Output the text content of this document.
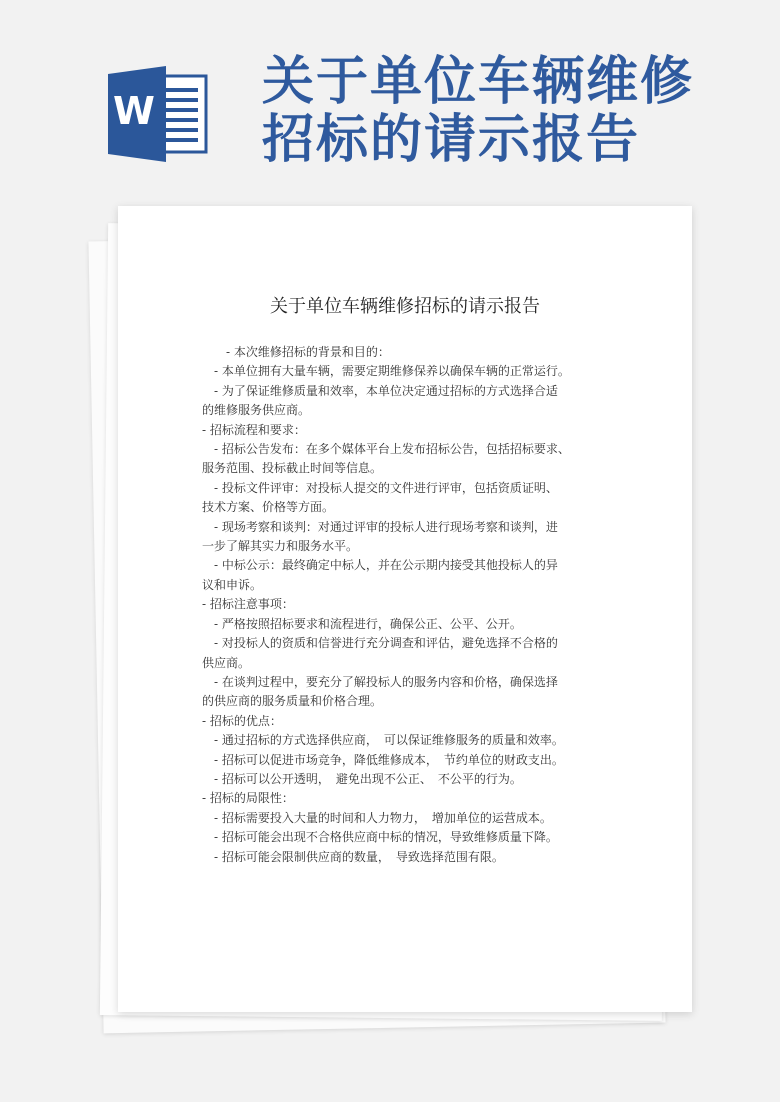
W 关于单位车辆维修
招标的请示报告
关于单位车辆维修招标的请示报告
　　- 本次维修招标的背景和目的：
　- 本单位拥有大量车辆，需要定期维修保养以确保车辆的正常运行。
　- 为了保证维修质量和效率，本单位决定通过招标的方式选择合适
的维修服务供应商。
- 招标流程和要求：
　- 招标公告发布：在多个媒体平台上发布招标公告，包括招标要求、
服务范围、投标截止时间等信息。
　- 投标文件评审：对投标人提交的文件进行评审，包括资质证明、
技术方案、价格等方面。
　- 现场考察和谈判：对通过评审的投标人进行现场考察和谈判，进
一步了解其实力和服务水平。
　- 中标公示：最终确定中标人，并在公示期内接受其他投标人的异
议和申诉。
- 招标注意事项：
　- 严格按照招标要求和流程进行，确保公正、公平、公开。
　- 对投标人的资质和信誉进行充分调查和评估，避免选择不合格的
供应商。
　- 在谈判过程中，要充分了解投标人的服务内容和价格，确保选择
的供应商的服务质量和价格合理。
- 招标的优点：
　- 通过招标的方式选择供应商，　可以保证维修服务的质量和效率。
　- 招标可以促进市场竞争，降低维修成本，　节约单位的财政支出。
　- 招标可以公开透明，　避免出现不公正、　不公平的行为。
- 招标的局限性：
　- 招标需要投入大量的时间和人力物力，　增加单位的运营成本。
　- 招标可能会出现不合格供应商中标的情况，导致维修质量下降。
　- 招标可能会限制供应商的数量，　导致选择范围有限。
